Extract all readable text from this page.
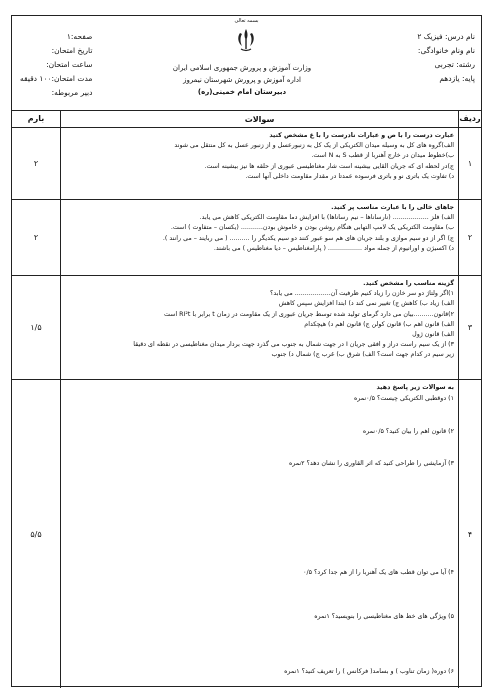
بسمه تعالی
نام درس: فیزیک ۲
نام ونام خانوادگی:
رشته: تجربی
پایه: یازدهم
وزارت آموزش و پرورش جمهوری اسلامی ایران
اداره آموزش و پرورش شهرستان نیمروز
دبیرستان امام خمینی(ره)
صفحه:۱
تاریخ امتحان:
ساعت امتحان:
مدت امتحان:۱۰۰ دقیقه
دبیر مربوطه:
ردیف
سوالات
بارم
۱
عبارت درست را با ص و عبارات نادرست را با غ مشخص کنید
الف)گروه های کل به وسیله میدان الکتریکی از یک کل به زنبورعسل و از زنبور عسل به کل منتقل می شوند
ب)خطوط میدان در خارج آهنربا از قطب S به N است.
ج)در لحظه ای که جریان القایی بیشینه است شار مغناطیسی عبوری از حلقه ها نیز بیشینه است.
د) تفاوت یک باتری نو و باتری فرسوده عمدتا در مقدار مقاومت داخلی آنها است.
۲
۲
جاهای خالی را با عبارت مناسب پر کنید.
الف) فلز .................. (نارساناها – نیم رساناها) با افزایش دما مقاومت الکتریکی کاهش می یابد.
ب) مقاومت الکتریکی یک لامپ التهابی هنگام روشن بودن و خاموش بودن........... (یکسان – متفاوت ) است.
ج) اگر از دو سیم موازی و بلند جریان های هم سو عبور کنند دو سیم یکدیگر را .......... ( می ربایند – می رانند ).
د) اکسیژن و اورانیوم از جمله مواد ................. ( پارامغناطیس – دیا مغناطیس ) می باشند.
۲
۳
گزینه مناسب را مشخص کنید.
۱)اگر ولتاژ دو سر خازن را زیاد کنیم ظرفیت آن.................. می یابد؟
الف) زیاد ب) کاهش ج) تغییر نمی کند د) ابتدا افزایش سپس کاهش
۲)قانون..........بیان می دارد گرمای تولید شده توسط جریان عبوری از یک مقاومت در زمان t برابر با RI²t است
الف) قانون اهم ب) قانون کولن ج) قانون اهم د) هیچکدام
الف) قانون ژول
۳) از یک سیم راست دراز و افقی جریان I در جهت شمال به جنوب می گذرد جهت بردار میدان مغناطیسی در نقطه ای دقیقا
زیر سیم در کدام جهت است؟ الف) شرق ب) غرب ج) شمال د) جنوب
۱/۵
۴
به سوالات زیر پاسخ دهید
۱) دوقطبی الکتریکی چیست؟ ۰/۵نمره

۲) قانون اهم را بیان کنید؟ ۰/۵نمره

۳) آزمایشی را طراحی کنید که اثر القاوری را نشان دهد؟ ۲نمره

۴) آیا می توان قطب های یک آهنربا را از هم جدا کرد؟ ۰/۵

۵) ویژگی های خط های مغناطیسی را بنویسید؟ ۱نمره

۶) دوره( زمان تناوب ) و بسامد( فرکانس ) را تعریف کنید؟ ۱نمره
۵/۵
